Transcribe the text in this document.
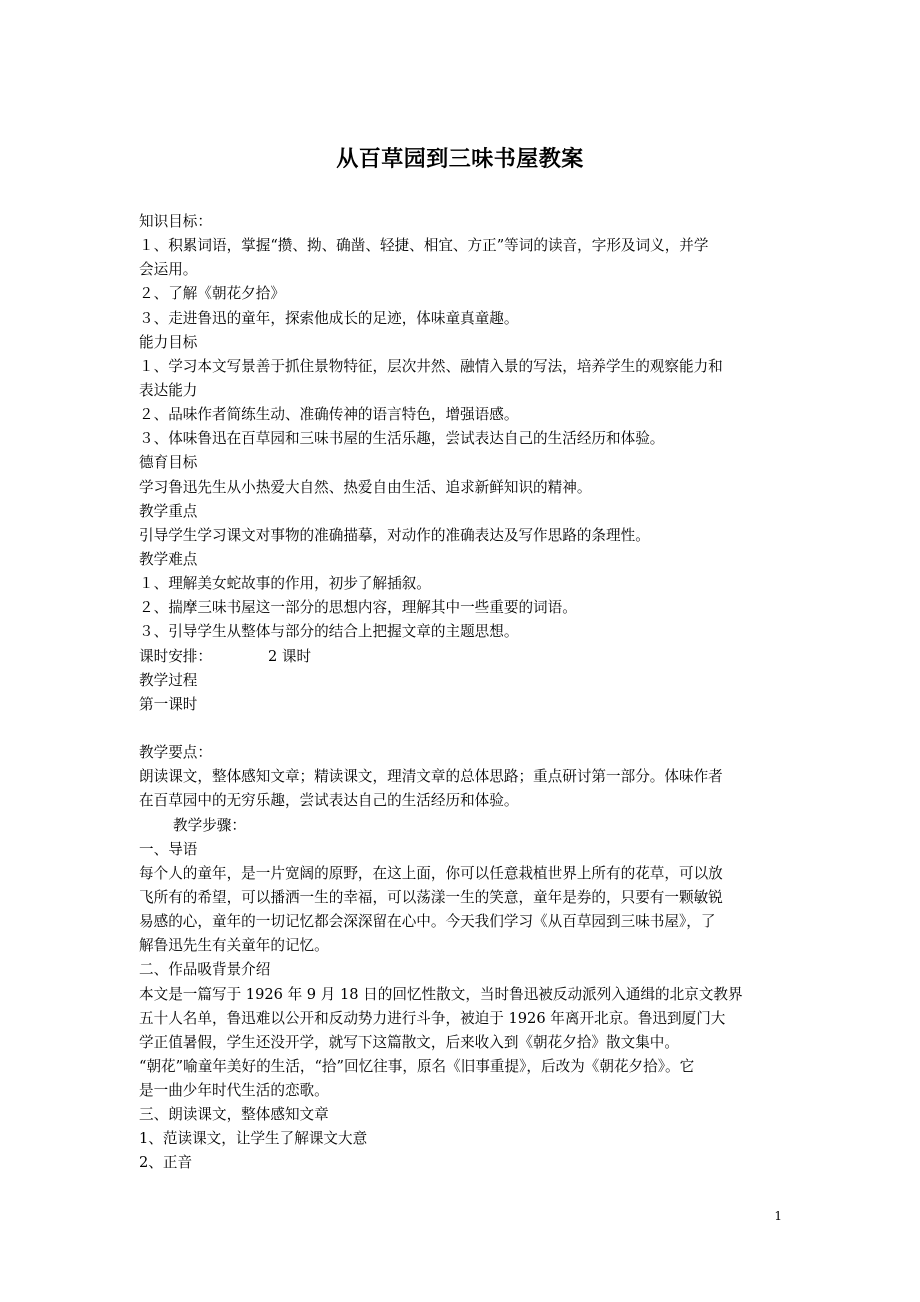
从百草园到三味书屋教案
知识目标：
１、积累词语，掌握“攒、拗、确凿、轻捷、相宜、方正”等词的读音，字形及词义，并学
会运用。
２、了解《朝花夕拾》
３、走进鲁迅的童年，探索他成长的足迹，体味童真童趣。
能力目标
１、学习本文写景善于抓住景物特征，层次井然、融情入景的写法，培养学生的观察能力和
表达能力
２、品味作者简练生动、准确传神的语言特色，增强语感。
３、体味鲁迅在百草园和三味书屋的生活乐趣，尝试表达自己的生活经历和体验。
德育目标
学习鲁迅先生从小热爱大自然、热爱自由生活、追求新鲜知识的精神。
教学重点
引导学生学习课文对事物的准确描摹，对动作的准确表达及写作思路的条理性。
教学难点
１、理解美女蛇故事的作用，初步了解插叙。
２、揣摩三味书屋这一部分的思想内容，理解其中一些重要的词语。
３、引导学生从整体与部分的结合上把握文章的主题思想。
课时安排：	2 课时
教学过程
第一课时
教学要点：
朗读课文，整体感知文章；精读课文，理清文章的总体思路；重点研讨第一部分。体味作者
在百草园中的无穷乐趣，尝试表达自己的生活经历和体验。
教学步骤：
一、导语
每个人的童年，是一片宽阔的原野，在这上面，你可以任意栽植世界上所有的花草，可以放
飞所有的希望，可以播洒一生的幸福，可以荡漾一生的笑意，童年是券的，只要有一颗敏锐
易感的心，童年的一切记忆都会深深留在心中。今天我们学习《从百草园到三味书屋》，了
解鲁迅先生有关童年的记忆。
二、作品吸背景介绍
本文是一篇写于 1926 年 9 月 18 日的回忆性散文，当时鲁迅被反动派列入通缉的北京文教界
五十人名单，鲁迅难以公开和反动势力进行斗争，被迫于 1926 年离开北京。鲁迅到厦门大
学正值暑假，学生还没开学，就写下这篇散文，后来收入到《朝花夕拾》散文集中。
“朝花”喻童年美好的生活，“拾”回忆往事，原名《旧事重提》，后改为《朝花夕拾》。它
是一曲少年时代生活的恋歌。
三、朗读课文，整体感知文章
1、范读课文，让学生了解课文大意
2、正音
1
